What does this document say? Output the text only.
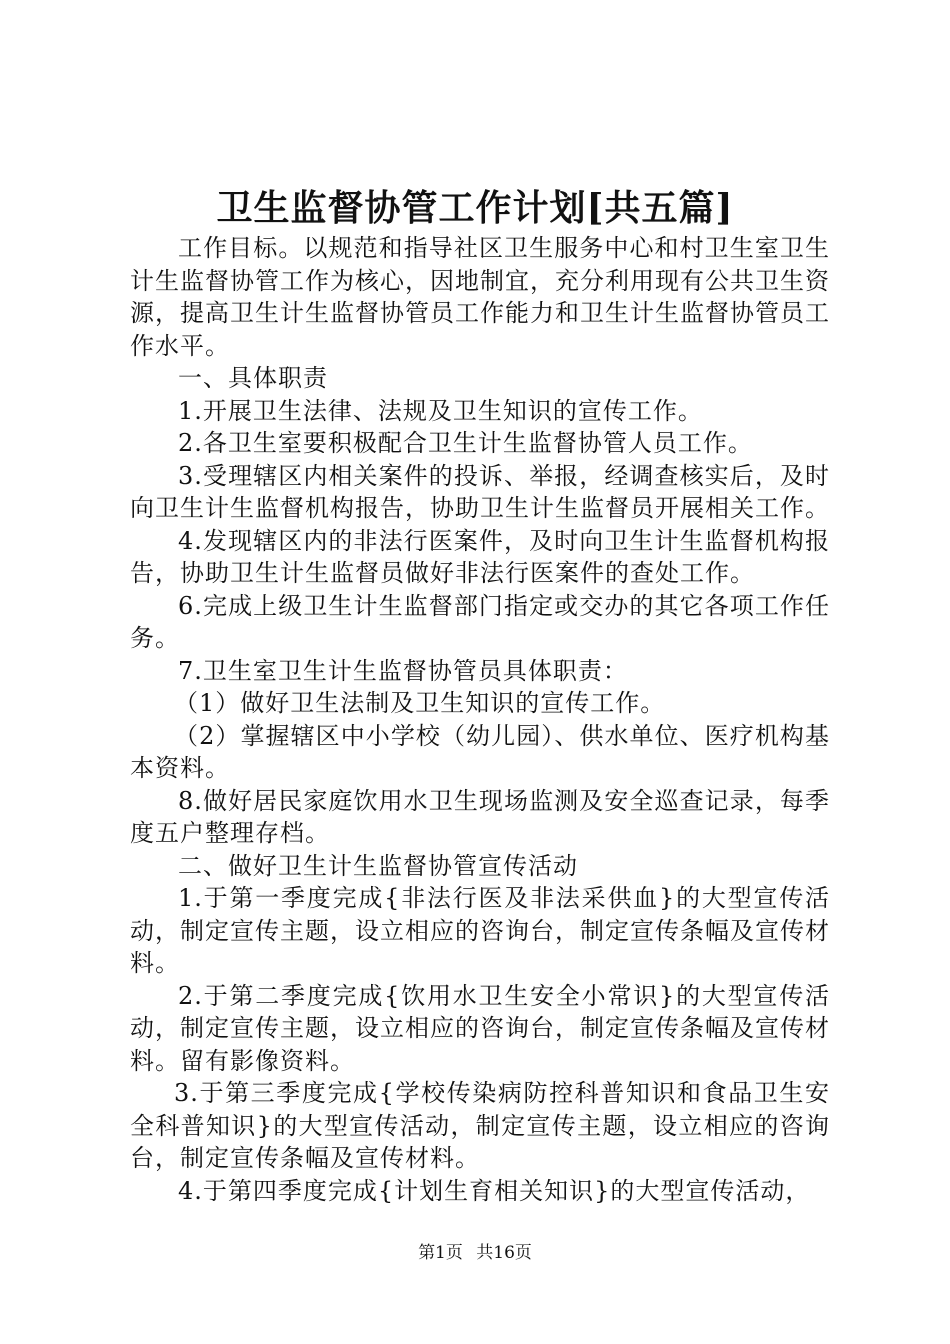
卫生监督协管工作计划[共五篇]

工作目标。以规范和指导社区卫生服务中心和村卫生室卫生计生监督协管工作为核心，因地制宜，充分利用现有公共卫生资源，提高卫生计生监督协管员工作能力和卫生计生监督协管员工作水平。

一、具体职责

1.开展卫生法律、法规及卫生知识的宣传工作。

2.各卫生室要积极配合卫生计生监督协管人员工作。

3.受理辖区内相关案件的投诉、举报，经调查核实后，及时向卫生计生监督机构报告，协助卫生计生监督员开展相关工作。

4.发现辖区内的非法行医案件，及时向卫生计生监督机构报告，协助卫生计生监督员做好非法行医案件的查处工作。

6.完成上级卫生计生监督部门指定或交办的其它各项工作任务。

7.卫生室卫生计生监督协管员具体职责：

（1）做好卫生法制及卫生知识的宣传工作。

（2）掌握辖区中小学校（幼儿园）、供水单位、医疗机构基本资料。

8.做好居民家庭饮用水卫生现场监测及安全巡查记录，每季度五户整理存档。

二、做好卫生计生监督协管宣传活动

1.于第一季度完成{非法行医及非法采供血}的大型宣传活动，制定宣传主题，设立相应的咨询台，制定宣传条幅及宣传材料。

2.于第二季度完成{饮用水卫生安全小常识}的大型宣传活动，制定宣传主题，设立相应的咨询台，制定宣传条幅及宣传材料。留有影像资料。

3.于第三季度完成{学校传染病防控科普知识和食品卫生安全科普知识}的大型宣传活动，制定宣传主题，设立相应的咨询台，制定宣传条幅及宣传材料。

4.于第四季度完成{计划生育相关知识}的大型宣传活动，

第1页 共16页
